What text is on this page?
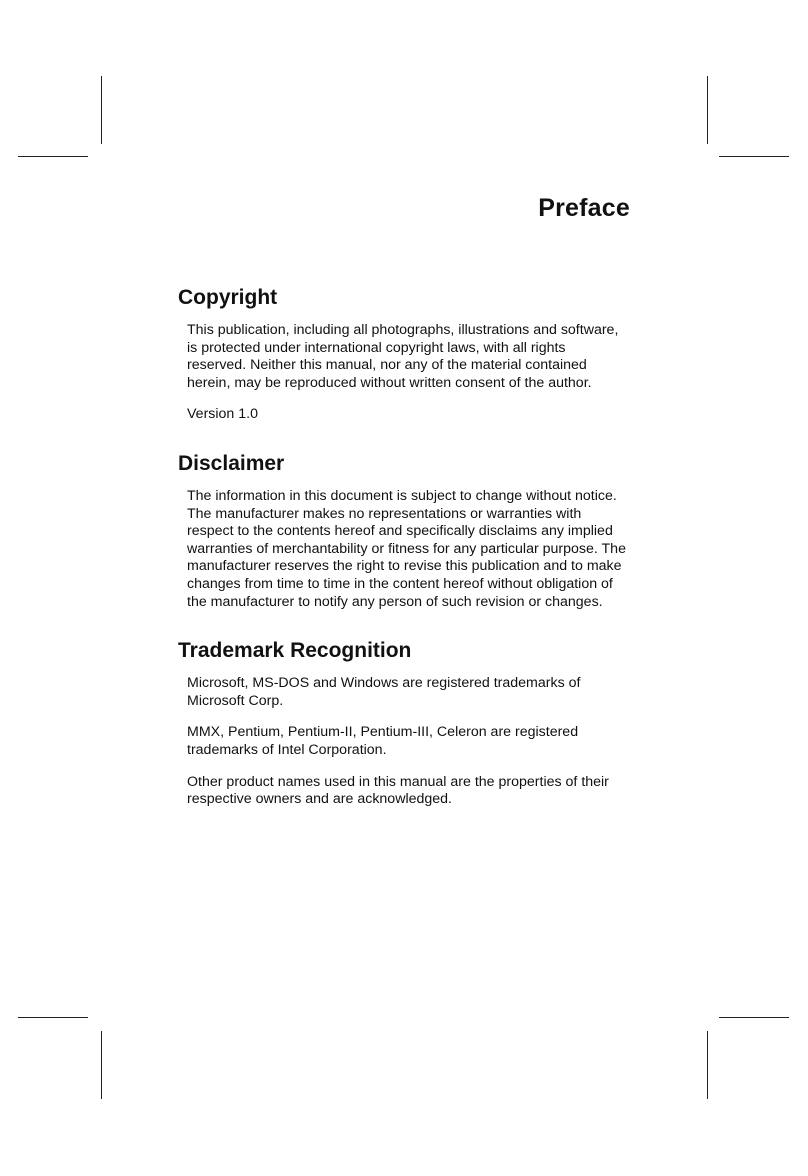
Preface
Copyright

This publication, including all photographs, illustrations and software, is protected under international copyright laws, with all rights reserved. Neither this manual, nor any of the material contained herein, may be reproduced without written consent of the author.

Version 1.0

Disclaimer

The information in this document is subject to change without notice. The manufacturer makes no representations or warranties with respect to the contents hereof and specifically disclaims any implied warranties of merchantability or fitness for any particular purpose. The manufacturer reserves the right to revise this publication and to make changes from time to time in the content hereof without obligation of the manufacturer to notify any person of such revision or changes.

Trademark Recognition

Microsoft, MS-DOS and Windows are registered trademarks of Microsoft Corp.

MMX, Pentium, Pentium-II, Pentium-III, Celeron are registered trademarks of Intel Corporation.

Other product names used in this manual are the properties of their respective owners and are acknowledged.
